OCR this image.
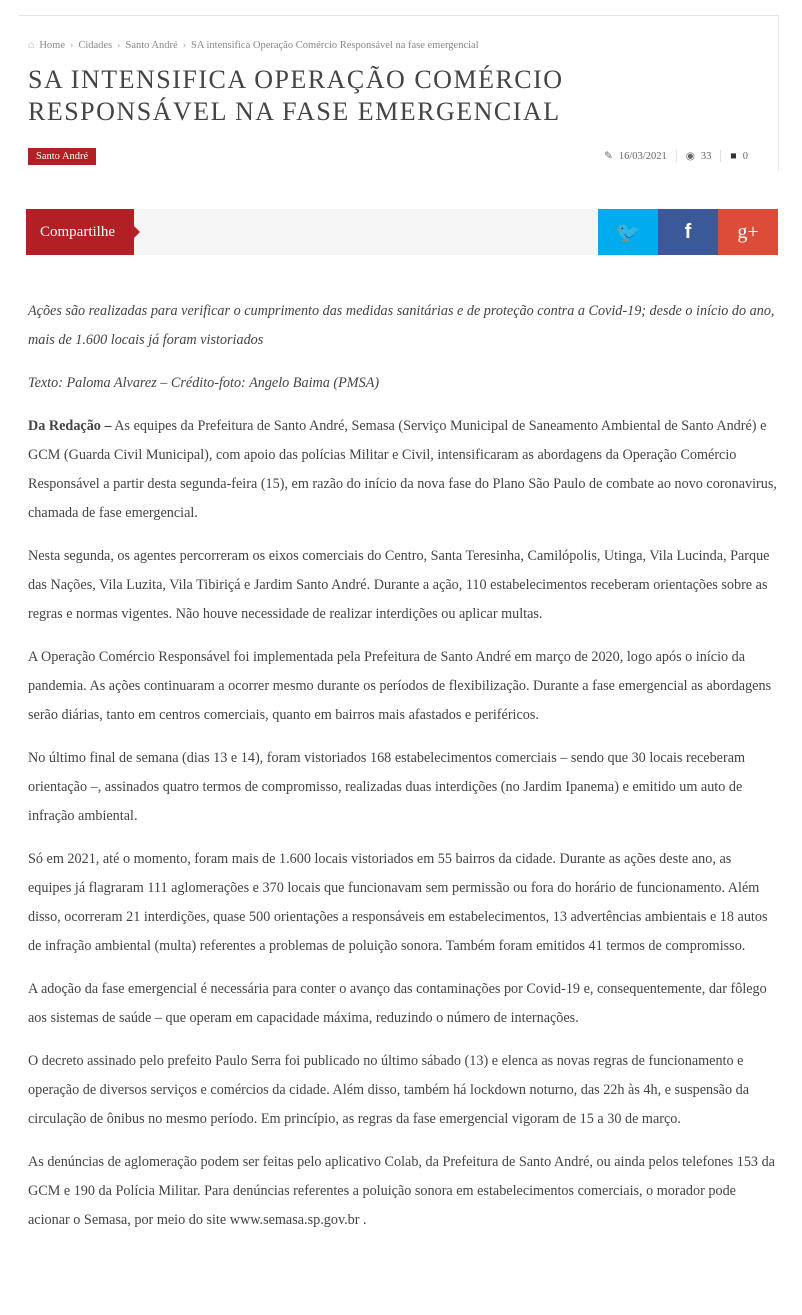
⌂ Home › Cidades › Santo André › SA intensifica Operação Comércio Responsável na fase emergencial
SA INTENSIFICA OPERAÇÃO COMÉRCIO RESPONSÁVEL NA FASE EMERGENCIAL
Santo André	✎ 16/03/2021 ◉ 33 ■ 0
Compartilhe	🐦 f g+

Ações são realizadas para verificar o cumprimento das medidas sanitárias e de proteção contra a Covid-19; desde o início do ano, mais de 1.600 locais já foram vistoriados

Texto: Paloma Alvarez – Crédito-foto: Angelo Baima (PMSA)

Da Redação – As equipes da Prefeitura de Santo André, Semasa (Serviço Municipal de Saneamento Ambiental de Santo André) e GCM (Guarda Civil Municipal), com apoio das polícias Militar e Civil, intensificaram as abordagens da Operação Comércio Responsável a partir desta segunda-feira (15), em razão do início da nova fase do Plano São Paulo de combate ao novo coronavirus, chamada de fase emergencial.

Nesta segunda, os agentes percorreram os eixos comerciais do Centro, Santa Teresinha, Camilópolis, Utinga, Vila Lucinda, Parque das Nações, Vila Luzita, Vila Tibiriçá e Jardim Santo André. Durante a ação, 110 estabelecimentos receberam orientações sobre as regras e normas vigentes. Não houve necessidade de realizar interdições ou aplicar multas.

A Operação Comércio Responsável foi implementada pela Prefeitura de Santo André em março de 2020, logo após o início da pandemia. As ações continuaram a ocorrer mesmo durante os períodos de flexibilização. Durante a fase emergencial as abordagens serão diárias, tanto em centros comerciais, quanto em bairros mais afastados e periféricos.

No último final de semana (dias 13 e 14), foram vistoriados 168 estabelecimentos comerciais – sendo que 30 locais receberam orientação –, assinados quatro termos de compromisso, realizadas duas interdições (no Jardim Ipanema) e emitido um auto de infração ambiental.

Só em 2021, até o momento, foram mais de 1.600 locais vistoriados em 55 bairros da cidade. Durante as ações deste ano, as equipes já flagraram 111 aglomerações e 370 locais que funcionavam sem permissão ou fora do horário de funcionamento. Além disso, ocorreram 21 interdições, quase 500 orientações a responsáveis em estabelecimentos, 13 advertências ambientais e 18 autos de infração ambiental (multa) referentes a problemas de poluição sonora. Também foram emitidos 41 termos de compromisso.

A adoção da fase emergencial é necessária para conter o avanço das contaminações por Covid-19 e, consequentemente, dar fôlego aos sistemas de saúde – que operam em capacidade máxima, reduzindo o número de internações.

O decreto assinado pelo prefeito Paulo Serra foi publicado no último sábado (13) e elenca as novas regras de funcionamento e operação de diversos serviços e comércios da cidade. Além disso, também há lockdown noturno, das 22h às 4h, e suspensão da circulação de ônibus no mesmo período. Em princípio, as regras da fase emergencial vigoram de 15 a 30 de março.

As denúncias de aglomeração podem ser feitas pelo aplicativo Colab, da Prefeitura de Santo André, ou ainda pelos telefones 153 da GCM e 190 da Polícia Militar. Para denúncias referentes a poluição sonora em estabelecimentos comerciais, o morador pode acionar o Semasa, por meio do site www.semasa.sp.gov.br .
